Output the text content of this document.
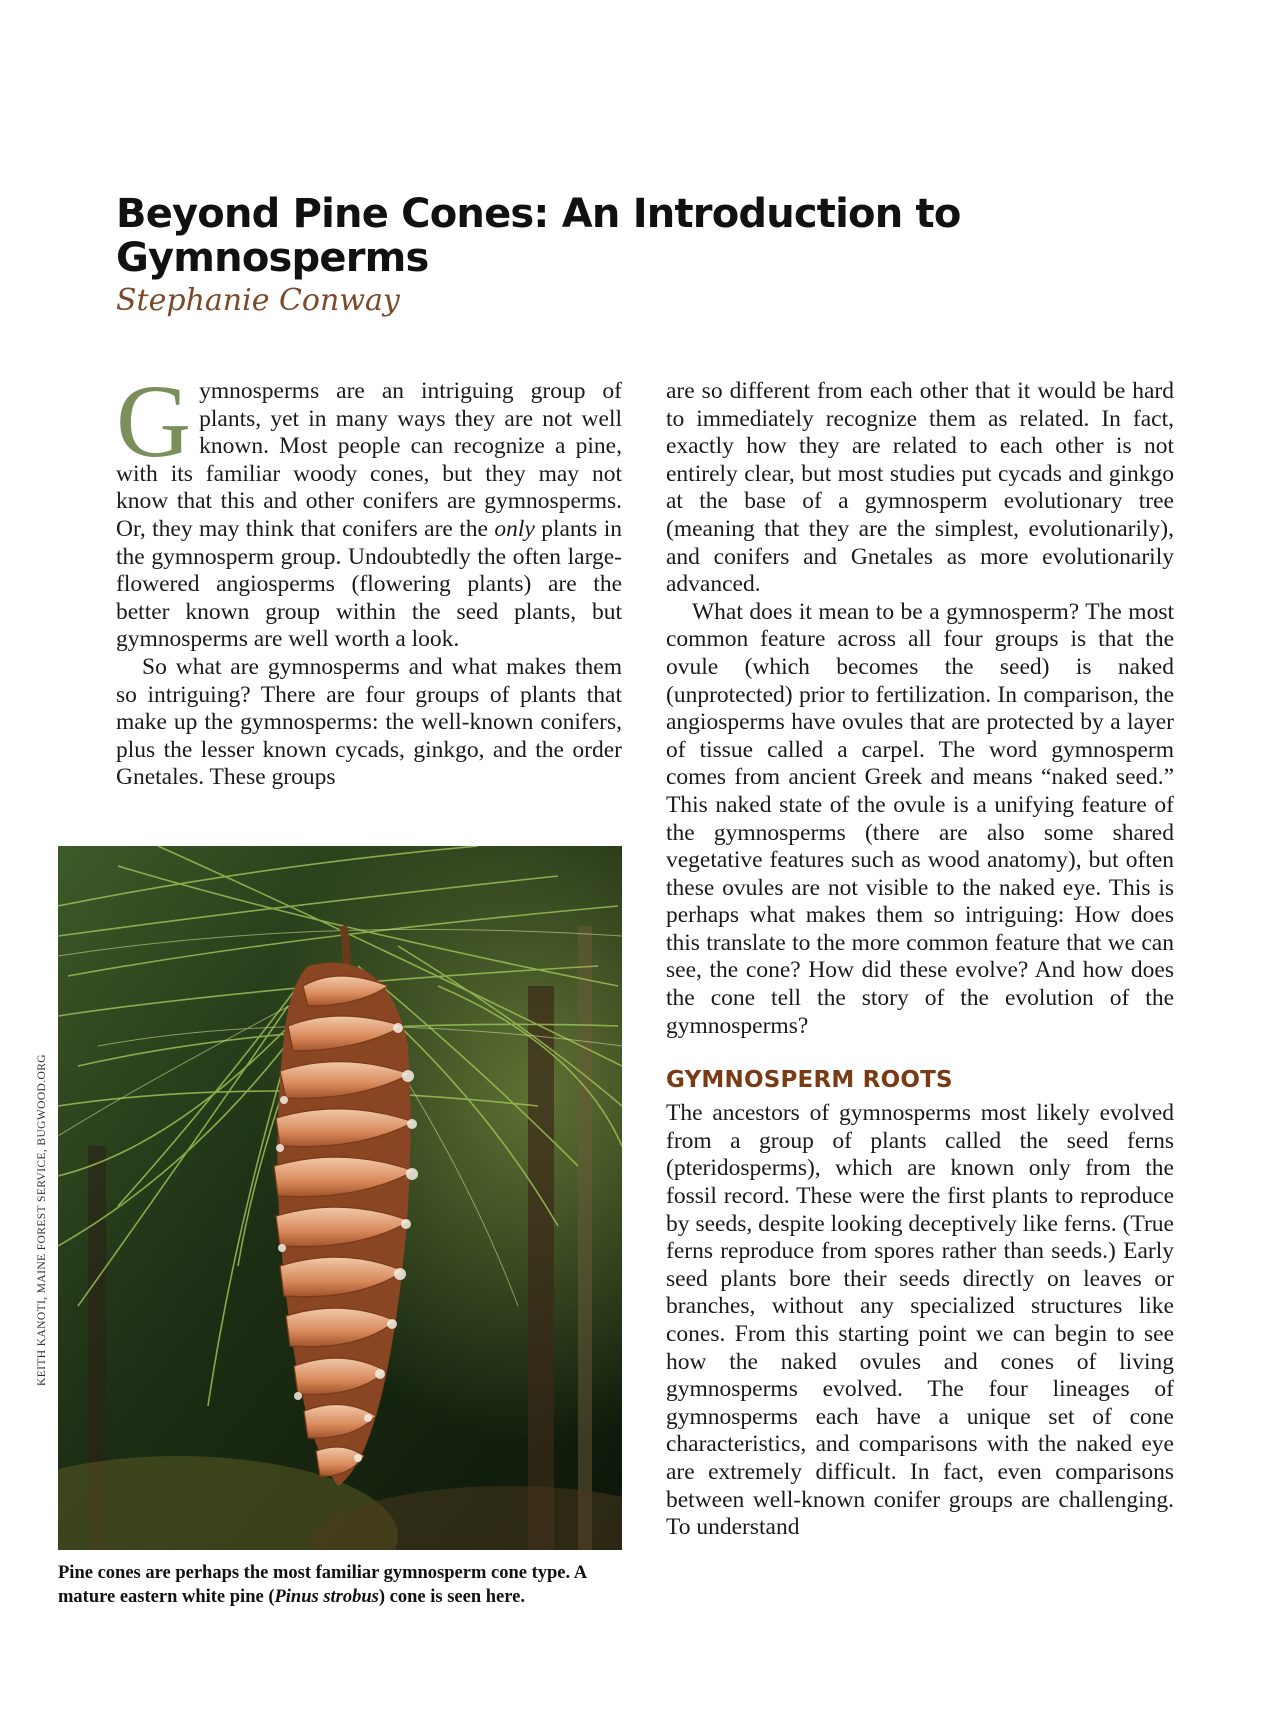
Beyond Pine Cones: An Introduction to Gymnosperms

Stephanie Conway

Gymnosperms are an intriguing group of plants, yet in many ways they are not well known. Most people can recognize a pine, with its familiar woody cones, but they may not know that this and other conifers are gymnosperms. Or, they may think that conifers are the only plants in the gymnosperm group. Undoubtedly the often large-flowered angiosperms (flowering plants) are the better known group within the seed plants, but gymnosperms are well worth a look.

So what are gymnosperms and what makes them so intriguing? There are four groups of plants that make up the gymnosperms: the well-known conifers, plus the lesser known cycads, ginkgo, and the order Gnetales. These groups

are so different from each other that it would be hard to immediately recognize them as related. In fact, exactly how they are related to each other is not entirely clear, but most studies put cycads and ginkgo at the base of a gymnosperm evolutionary tree (meaning that they are the simplest, evolutionarily), and conifers and Gnetales as more evolutionarily advanced.

What does it mean to be a gymnosperm? The most common feature across all four groups is that the ovule (which becomes the seed) is naked (unprotected) prior to fertilization. In comparison, the angiosperms have ovules that are protected by a layer of tissue called a carpel. The word gymnosperm comes from ancient Greek and means “naked seed.” This naked state of the ovule is a unifying feature of the gymnosperms (there are also some shared vegetative features such as wood anatomy), but often these ovules are not visible to the naked eye. This is perhaps what makes them so intriguing: How does this translate to the more common feature that we can see, the cone? How did these evolve? And how does the cone tell the story of the evolution of the gymnosperms?

GYMNOSPERM ROOTS

The ancestors of gymnosperms most likely evolved from a group of plants called the seed ferns (pteridosperms), which are known only from the fossil record. These were the first plants to reproduce by seeds, despite looking deceptively like ferns. (True ferns reproduce from spores rather than seeds.) Early seed plants bore their seeds directly on leaves or branches, without any specialized structures like cones. From this starting point we can begin to see how the naked ovules and cones of living gymnosperms evolved. The four lineages of gymnosperms each have a unique set of cone characteristics, and comparisons with the naked eye are extremely difficult. In fact, even comparisons between well-known conifer groups are challenging. To understand

KEITH KANOTI, MAINE FOREST SERVICE, BUGWOOD.ORG

Pine cones are perhaps the most familiar gymnosperm cone type. A mature eastern white pine (Pinus strobus) cone is seen here.
